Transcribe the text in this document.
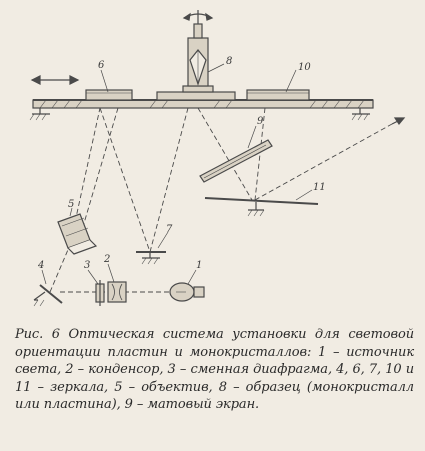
6	8
10
9
11
7
5
4	3
2
1
Рис. 6 Оптическая система установки для световой ориентации пластин и монокристаллов: 1 – источник света, 2 – конденсор, 3 – сменная диафрагма, 4, 6, 7, 10 и 11 – зеркала, 5 – объектив, 8 – образец (монокристалл или пластина), 9 – матовый экран.
